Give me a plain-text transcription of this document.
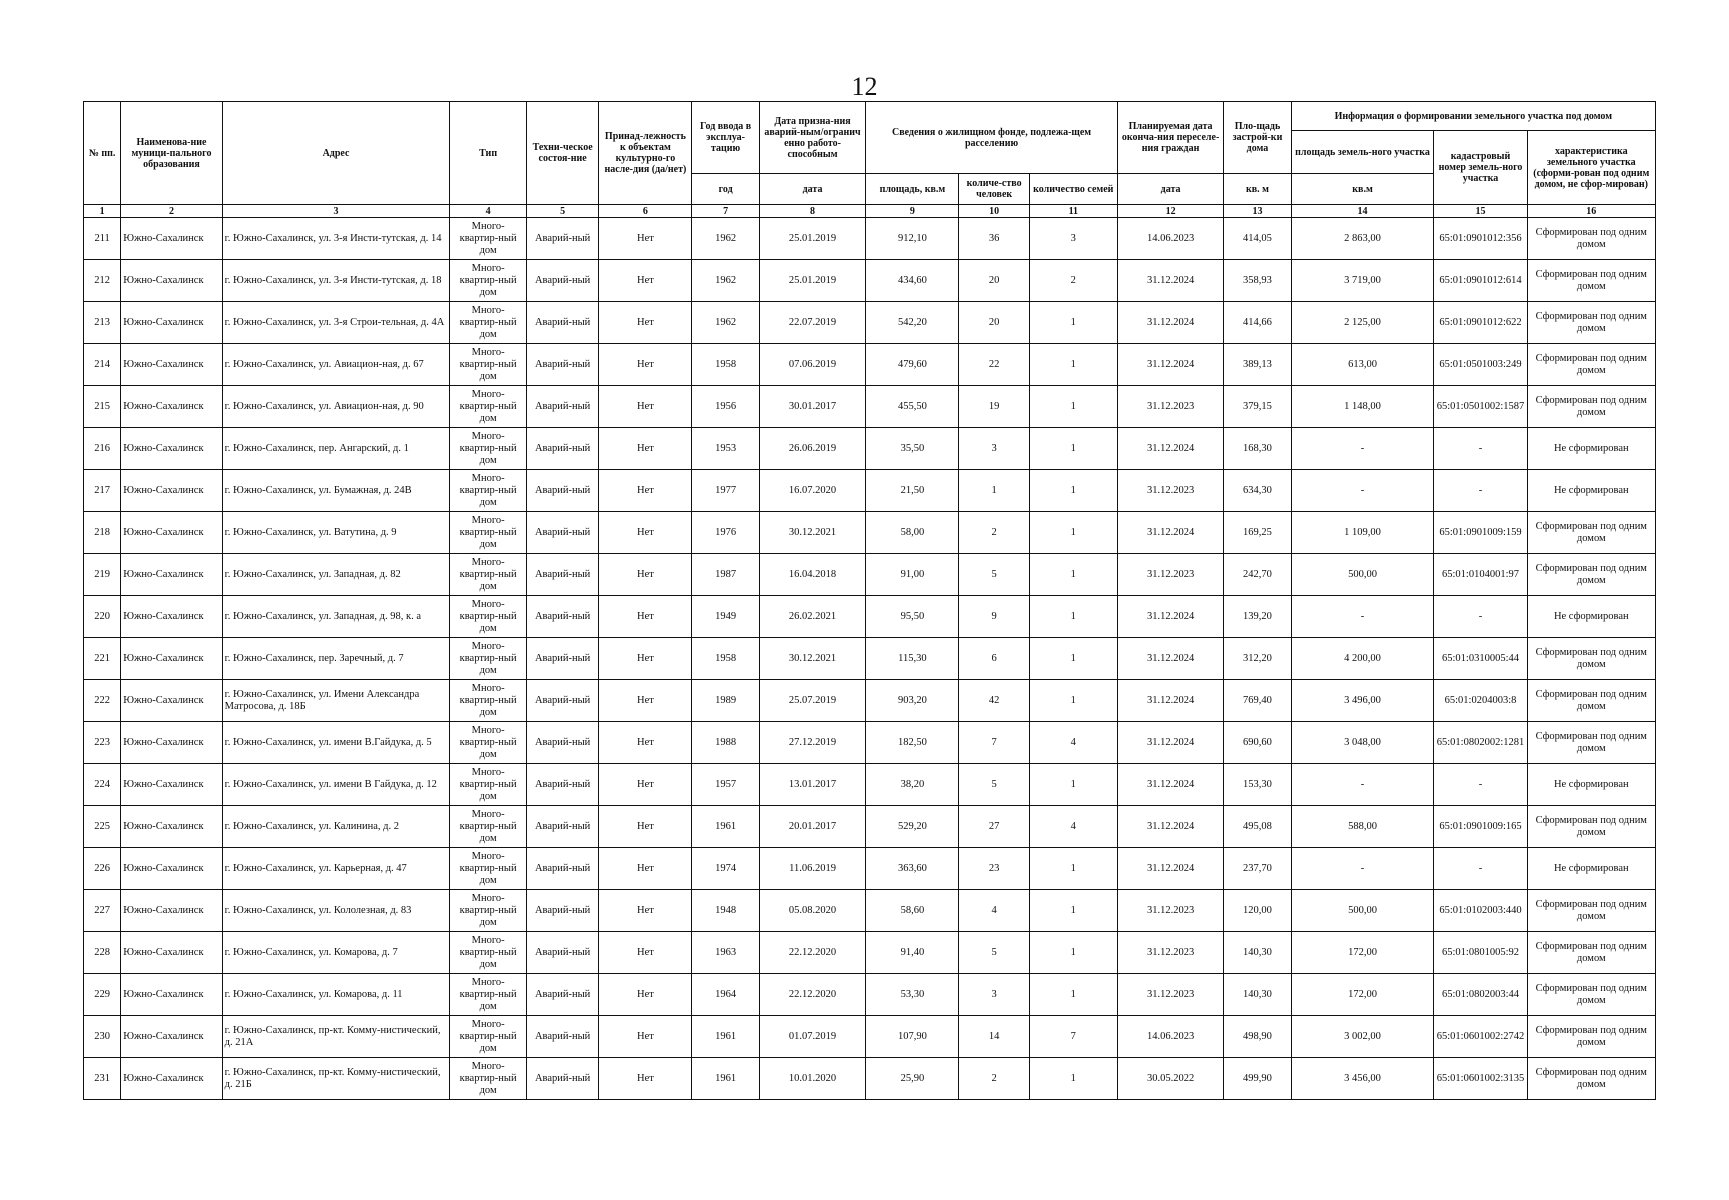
12
№ пп.	Наименова-ние муници-пального образования	Адрес	Тип	Техни-ческое состоя-ние	Принад-лежность к объектам культурно-го насле-дия (да/нет)	Год ввода в эксплуа-тацию	Дата призна-ния аварий-ным/огранич енно работо-способным	Сведения о жилищном фонде, подлежа-щем расселению			Планируемая дата оконча-ния переселе-ния граждан	Пло-щадь застрой-ки дома	Информация о формировании земельного участка под домом		
													площадь земель-ного участка	кадастровый номер земель-ного участка	характеристика земельного участка (сформи-рован под одним домом, не сфор-мирован)
						год	дата	площадь, кв.м	количе-ство человек	количество семей	дата	кв. м	кв.м		
1	2	3	4	5	6	7	8	9	10	11	12	13	14	15	16
211	Южно-Сахалинск	г. Южно-Сахалинск, ул. 3-я Инсти-тутская, д. 14	Много-квартир-ный дом	Аварий-ный	Нет	1962	25.01.2019	912,10	36	3	14.06.2023	414,05	2 863,00	65:01:0901012:356	Сформирован под одним домом
212	Южно-Сахалинск	г. Южно-Сахалинск, ул. 3-я Инсти-тутская, д. 18	Много-квартир-ный дом	Аварий-ный	Нет	1962	25.01.2019	434,60	20	2	31.12.2024	358,93	3 719,00	65:01:0901012:614	Сформирован под одним домом
213	Южно-Сахалинск	г. Южно-Сахалинск, ул. 3-я Строи-тельная, д. 4А	Много-квартир-ный дом	Аварий-ный	Нет	1962	22.07.2019	542,20	20	1	31.12.2024	414,66	2 125,00	65:01:0901012:622	Сформирован под одним домом
214	Южно-Сахалинск	г. Южно-Сахалинск, ул. Авиацион-ная, д. 67	Много-квартир-ный дом	Аварий-ный	Нет	1958	07.06.2019	479,60	22	1	31.12.2024	389,13	613,00	65:01:0501003:249	Сформирован под одним домом
215	Южно-Сахалинск	г. Южно-Сахалинск, ул. Авиацион-ная, д. 90	Много-квартир-ный дом	Аварий-ный	Нет	1956	30.01.2017	455,50	19	1	31.12.2023	379,15	1 148,00	65:01:0501002:1587	Сформирован под одним домом
216	Южно-Сахалинск	г. Южно-Сахалинск, пер. Ангарский, д. 1	Много-квартир-ный дом	Аварий-ный	Нет	1953	26.06.2019	35,50	3	1	31.12.2024	168,30	-	-	Не сформирован
217	Южно-Сахалинск	г. Южно-Сахалинск, ул. Бумажная, д. 24В	Много-квартир-ный дом	Аварий-ный	Нет	1977	16.07.2020	21,50	1	1	31.12.2023	634,30	-	-	Не сформирован
218	Южно-Сахалинск	г. Южно-Сахалинск, ул. Ватутина, д. 9	Много-квартир-ный дом	Аварий-ный	Нет	1976	30.12.2021	58,00	2	1	31.12.2024	169,25	1 109,00	65:01:0901009:159	Сформирован под одним домом
219	Южно-Сахалинск	г. Южно-Сахалинск, ул. Западная, д. 82	Много-квартир-ный дом	Аварий-ный	Нет	1987	16.04.2018	91,00	5	1	31.12.2023	242,70	500,00	65:01:0104001:97	Сформирован под одним домом
220	Южно-Сахалинск	г. Южно-Сахалинск, ул. Западная, д. 98, к. а	Много-квартир-ный дом	Аварий-ный	Нет	1949	26.02.2021	95,50	9	1	31.12.2024	139,20	-	-	Не сформирован
221	Южно-Сахалинск	г. Южно-Сахалинск, пер. Заречный, д. 7	Много-квартир-ный дом	Аварий-ный	Нет	1958	30.12.2021	115,30	6	1	31.12.2024	312,20	4 200,00	65:01:0310005:44	Сформирован под одним домом
222	Южно-Сахалинск	г. Южно-Сахалинск, ул. Имени Александра Матросова, д. 18Б	Много-квартир-ный дом	Аварий-ный	Нет	1989	25.07.2019	903,20	42	1	31.12.2024	769,40	3 496,00	65:01:0204003:8	Сформирован под одним домом
223	Южно-Сахалинск	г. Южно-Сахалинск, ул. имени В.Гайдука, д. 5	Много-квартир-ный дом	Аварий-ный	Нет	1988	27.12.2019	182,50	7	4	31.12.2024	690,60	3 048,00	65:01:0802002:1281	Сформирован под одним домом
224	Южно-Сахалинск	г. Южно-Сахалинск, ул. имени В Гайдука, д. 12	Много-квартир-ный дом	Аварий-ный	Нет	1957	13.01.2017	38,20	5	1	31.12.2024	153,30	-	-	Не сформирован
225	Южно-Сахалинск	г. Южно-Сахалинск, ул. Калинина, д. 2	Много-квартир-ный дом	Аварий-ный	Нет	1961	20.01.2017	529,20	27	4	31.12.2024	495,08	588,00	65:01:0901009:165	Сформирован под одним домом
226	Южно-Сахалинск	г. Южно-Сахалинск, ул. Карьерная, д. 47	Много-квартир-ный дом	Аварий-ный	Нет	1974	11.06.2019	363,60	23	1	31.12.2024	237,70	-	-	Не сформирован
227	Южно-Сахалинск	г. Южно-Сахалинск, ул. Кололезная, д. 83	Много-квартир-ный дом	Аварий-ный	Нет	1948	05.08.2020	58,60	4	1	31.12.2023	120,00	500,00	65:01:0102003:440	Сформирован под одним домом
228	Южно-Сахалинск	г. Южно-Сахалинск, ул. Комарова, д. 7	Много-квартир-ный дом	Аварий-ный	Нет	1963	22.12.2020	91,40	5	1	31.12.2023	140,30	172,00	65:01:0801005:92	Сформирован под одним домом
229	Южно-Сахалинск	г. Южно-Сахалинск, ул. Комарова, д. 11	Много-квартир-ный дом	Аварий-ный	Нет	1964	22.12.2020	53,30	3	1	31.12.2023	140,30	172,00	65:01:0802003:44	Сформирован под одним домом
230	Южно-Сахалинск	г. Южно-Сахалинск, пр-кт. Комму-нистический, д. 21А	Много-квартир-ный дом	Аварий-ный	Нет	1961	01.07.2019	107,90	14	7	14.06.2023	498,90	3 002,00	65:01:0601002:2742	Сформирован под одним домом
231	Южно-Сахалинск	г. Южно-Сахалинск, пр-кт. Комму-нистический, д. 21Б	Много-квартир-ный дом	Аварий-ный	Нет	1961	10.01.2020	25,90	2	1	30.05.2022	499,90	3 456,00	65:01:0601002:3135	Сформирован под одним домом
